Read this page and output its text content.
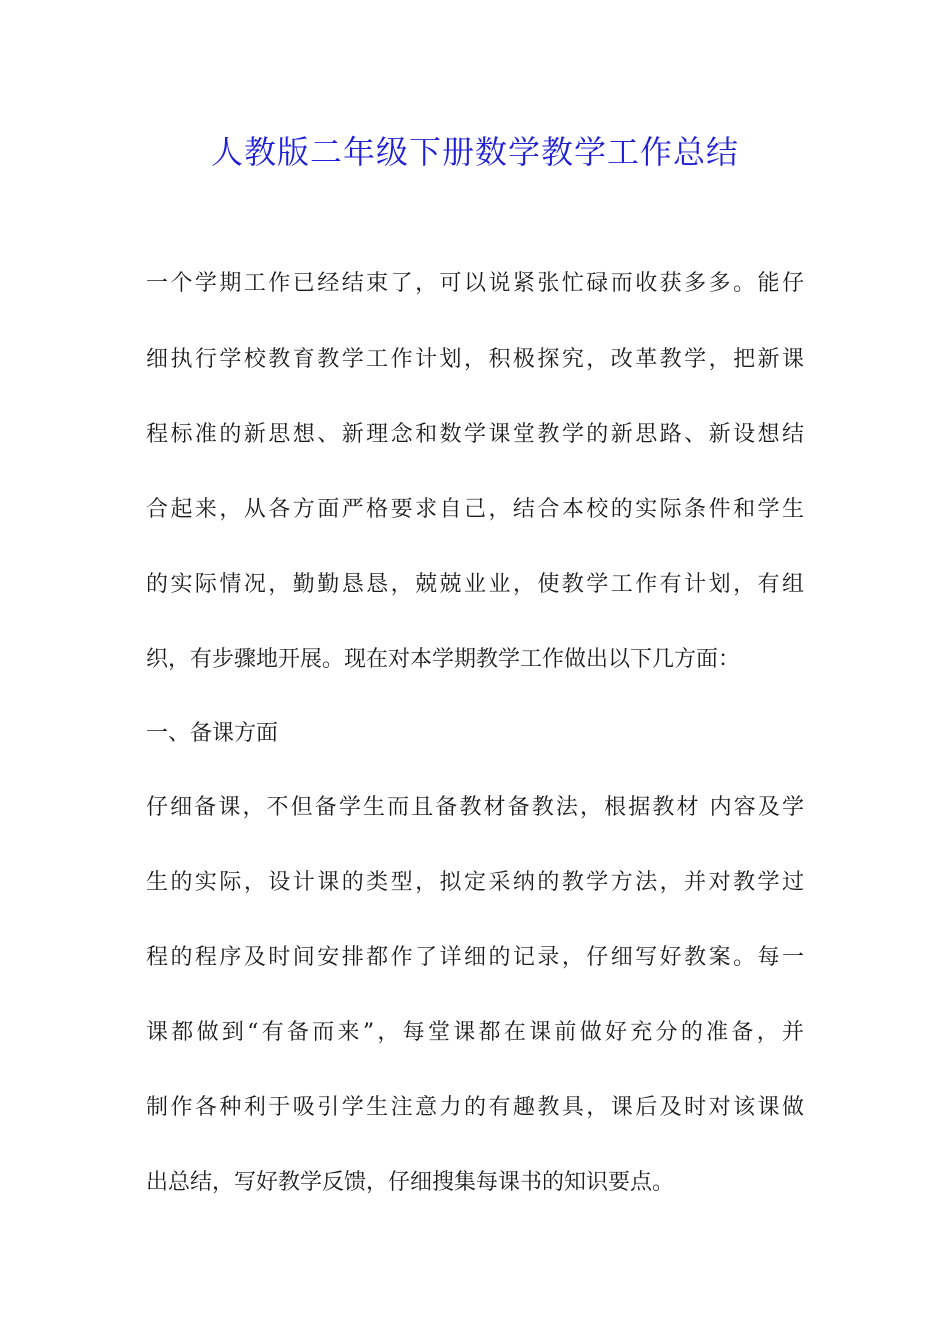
人教版二年级下册数学教学工作总结
一个学期工作已经结束了，可以说紧张忙碌而收获多多。能仔
细执行学校教育教学工作计划，积极探究，改革教学，把新课
程标准的新思想、新理念和数学课堂教学的新思路、新设想结
合起来，从各方面严格要求自己，结合本校的实际条件和学生
的实际情况，勤勤恳恳，兢兢业业，使教学工作有计划，有组
织，有步骤地开展。现在对本学期教学工作做出以下几方面：
一、备课方面
仔细备课，不但备学生而且备教材备教法，根据教材 内容及学
生的实际，设计课的类型，拟定采纳的教学方法，并对教学过
程的程序及时间安排都作了详细的记录，仔细写好教案。每一
课都做到“有备而来”，每堂课都在课前做好充分的准备，并
制作各种利于吸引学生注意力的有趣教具，课后及时对该课做
出总结，写好教学反馈，仔细搜集每课书的知识要点。
